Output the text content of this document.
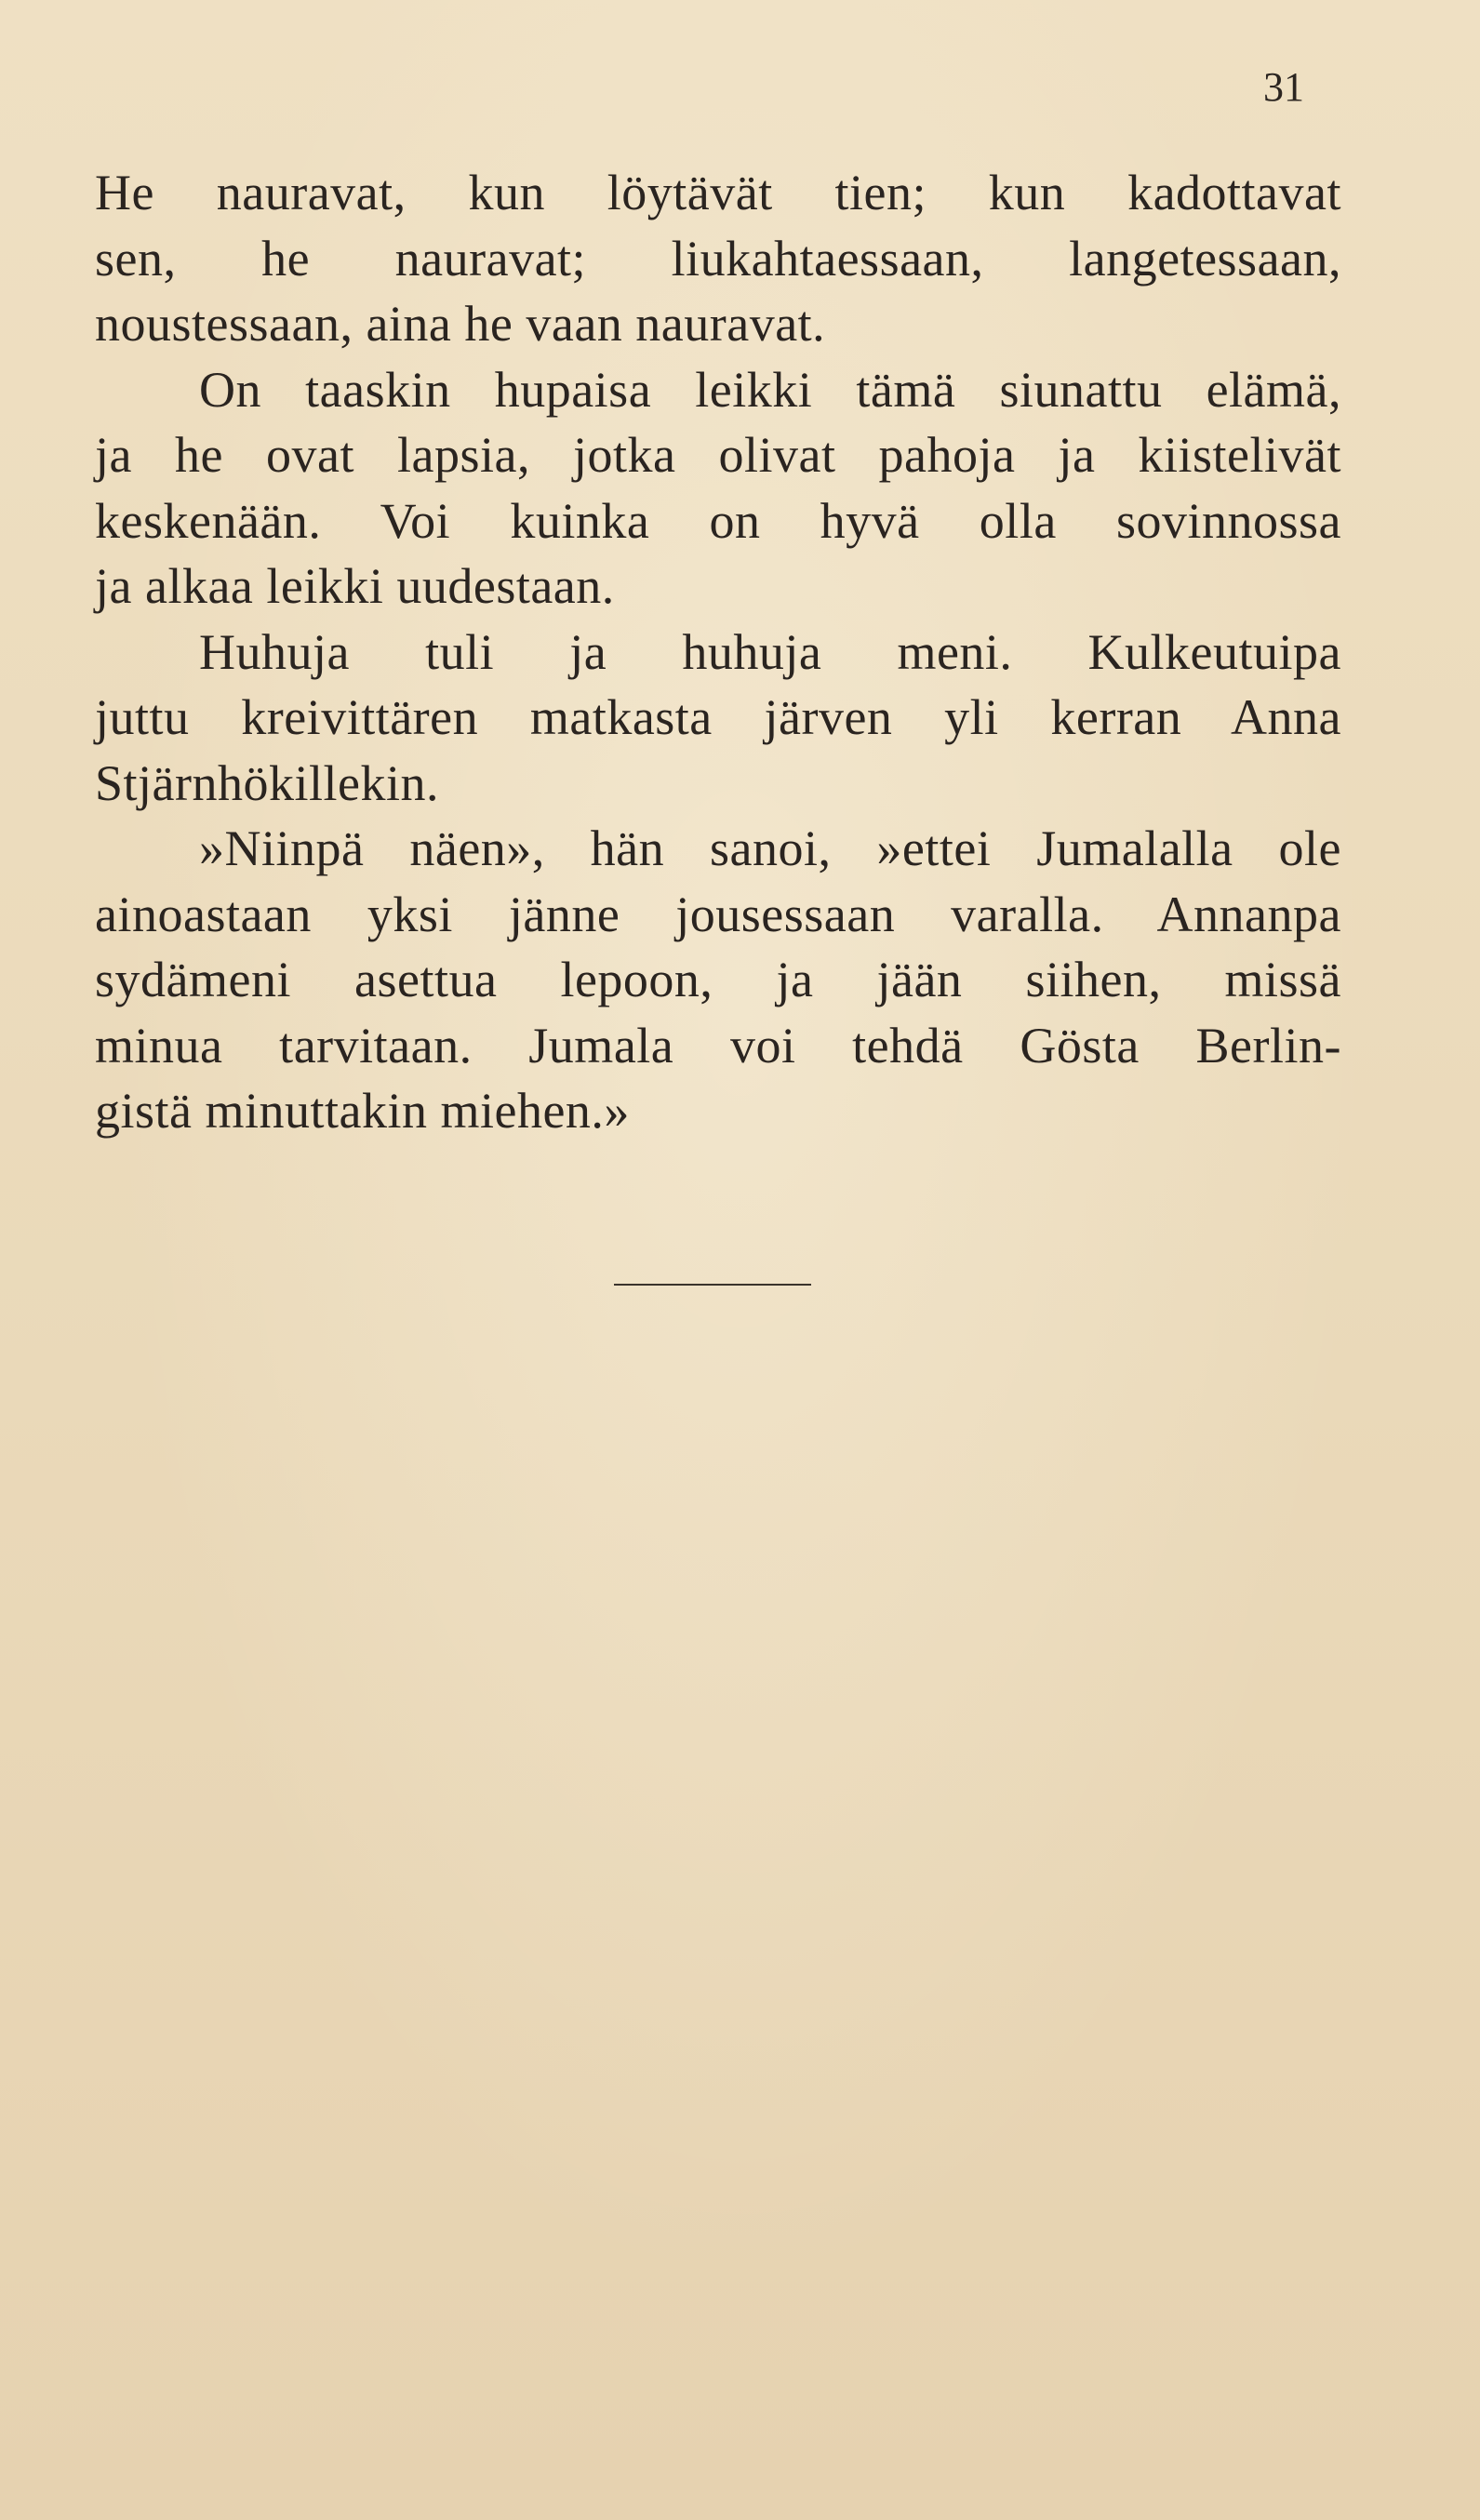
31
He nauravat, kun löytävät tien; kun kadottavat
sen, he nauravat; liukahtaessaan, langetessaan,
noustessaan, aina he vaan nauravat.
On taaskin hupaisa leikki tämä siunattu elämä,
ja he ovat lapsia, jotka olivat pahoja ja kiistelivät
keskenään. Voi kuinka on hyvä olla sovinnossa
ja alkaa leikki uudestaan.
Huhuja tuli ja huhuja meni. Kulkeutuipa
juttu kreivittären matkasta järven yli kerran Anna
Stjärnhökillekin.
»Niinpä näen», hän sanoi, »ettei Jumalalla ole
ainoastaan yksi jänne jousessaan varalla. Annanpa
sydämeni asettua lepoon, ja jään siihen, missä
minua tarvitaan. Jumala voi tehdä Gösta Berlin-
gistä minuttakin miehen.»
